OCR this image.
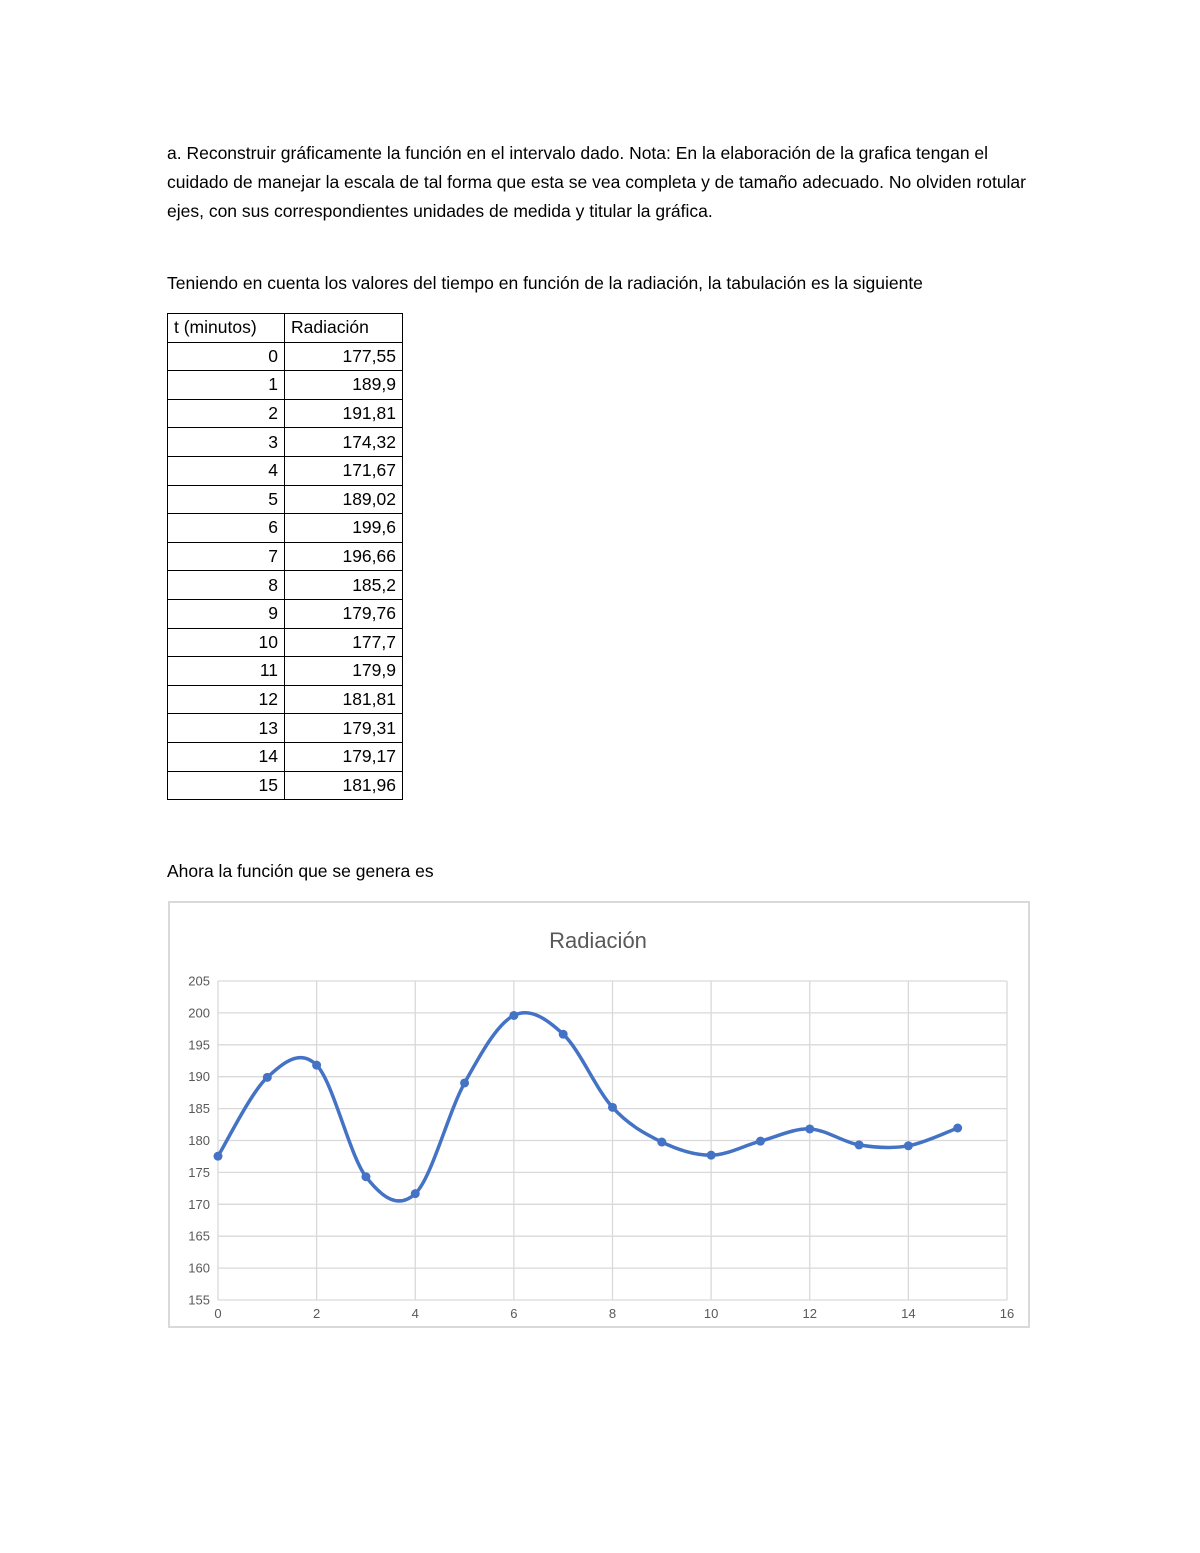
a. Reconstruir gráficamente la función en el intervalo dado. Nota: En la elaboración de la grafica tengan el cuidado de manejar la escala de tal forma que esta se vea completa y de tamaño adecuado. No olviden rotular ejes, con sus correspondientes unidades de medida y titular la gráfica.

Teniendo en cuenta los valores del tiempo en función de la radiación, la tabulación es la siguiente

t (minutos)	Radiación
0	177,55
1	189,9
2	191,81
3	174,32
4	171,67
5	189,02
6	199,6
7	196,66
8	185,2
9	179,76
10	177,7
11	179,9
12	181,81
13	179,31
14	179,17
15	181,96

Ahora la función que se genera es

Radiación
155
160
165
170
175
180
185
190
195
200
205
0	2	4	6	8	10	12	14	16
